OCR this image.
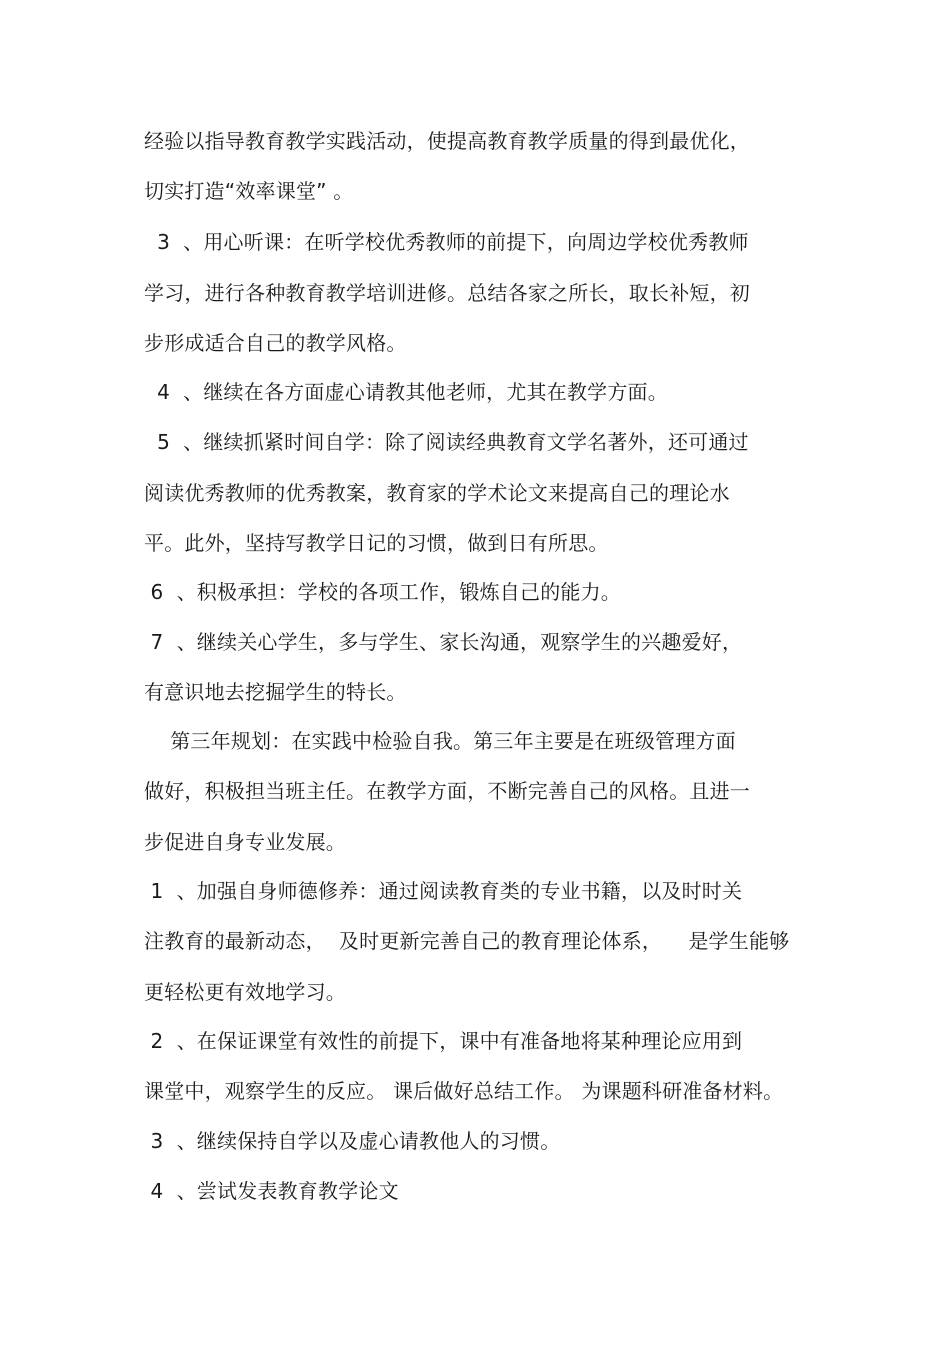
经验以指导教育教学实践活动，使提高教育教学质量的得到最优化，
切实打造“效率课堂” 。
3  、用心听课：在听学校优秀教师的前提下，向周边学校优秀教师
学习，进行各种教育教学培训进修。总结各家之所长，取长补短，初
步形成适合自己的教学风格。
4  、继续在各方面虚心请教其他老师，尤其在教学方面。
5  、继续抓紧时间自学：除了阅读经典教育文学名著外，还可通过
阅读优秀教师的优秀教案，教育家的学术论文来提高自己的理论水
平。此外，坚持写教学日记的习惯，做到日有所思。
6  、积极承担：学校的各项工作，锻炼自己的能力。
7  、继续关心学生，多与学生、家长沟通，观察学生的兴趣爱好，
有意识地去挖掘学生的特长。
第三年规划：在实践中检验自我。第三年主要是在班级管理方面
做好，积极担当班主任。在教学方面，不断完善自己的风格。且进一
步促进自身专业发展。
1  、加强自身师德修养：通过阅读教育类的专业书籍，以及时时关
注教育的最新动态，  及时更新完善自己的教育理论体系，    是学生能够
更轻松更有效地学习。
2  、在保证课堂有效性的前提下，课中有准备地将某种理论应用到
课堂中，观察学生的反应。 课后做好总结工作。 为课题科研准备材料。
3  、继续保持自学以及虚心请教他人的习惯。
4  、尝试发表教育教学论文
